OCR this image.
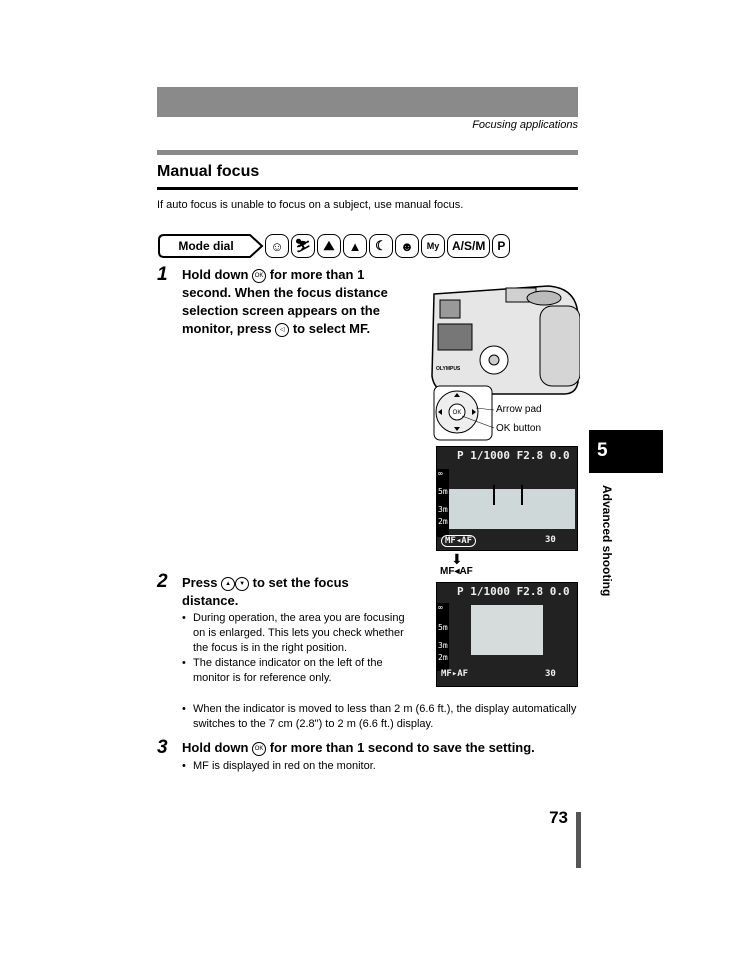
Focusing applications
Manual focus
If auto focus is unable to focus on a subject, use manual focus.
Mode dial	☺ ⛷ ⛰	▲	☾	☻	My	A/S/M	P
1 Hold down OK for more than 1 second. When the focus distance selection screen appears on the monitor, press ◁ to select MF.
OLYMPUS
OK	Arrow pad
OK button
P 1/1000 F2.8 0.0
∞
5m
3m
2m
MF◂AF	30
⬇
MF◂AF
2 Press ▲ ▼ to set the focus distance.
• During operation, the area you are focusing on is enlarged. This lets you check whether the focus is in the right position.
• The distance indicator on the left of the monitor is for reference only.
• When the indicator is moved to less than 2 m (6.6 ft.), the display automatically switches to the 7 cm (2.8") to 2 m (6.6 ft.) display.
P 1/1000 F2.8 0.0
∞
5m
3m
2m
MF▸AF	30
3 Hold down OK for more than 1 second to save the setting.
• MF is displayed in red on the monitor.
5
Advanced shooting
73
